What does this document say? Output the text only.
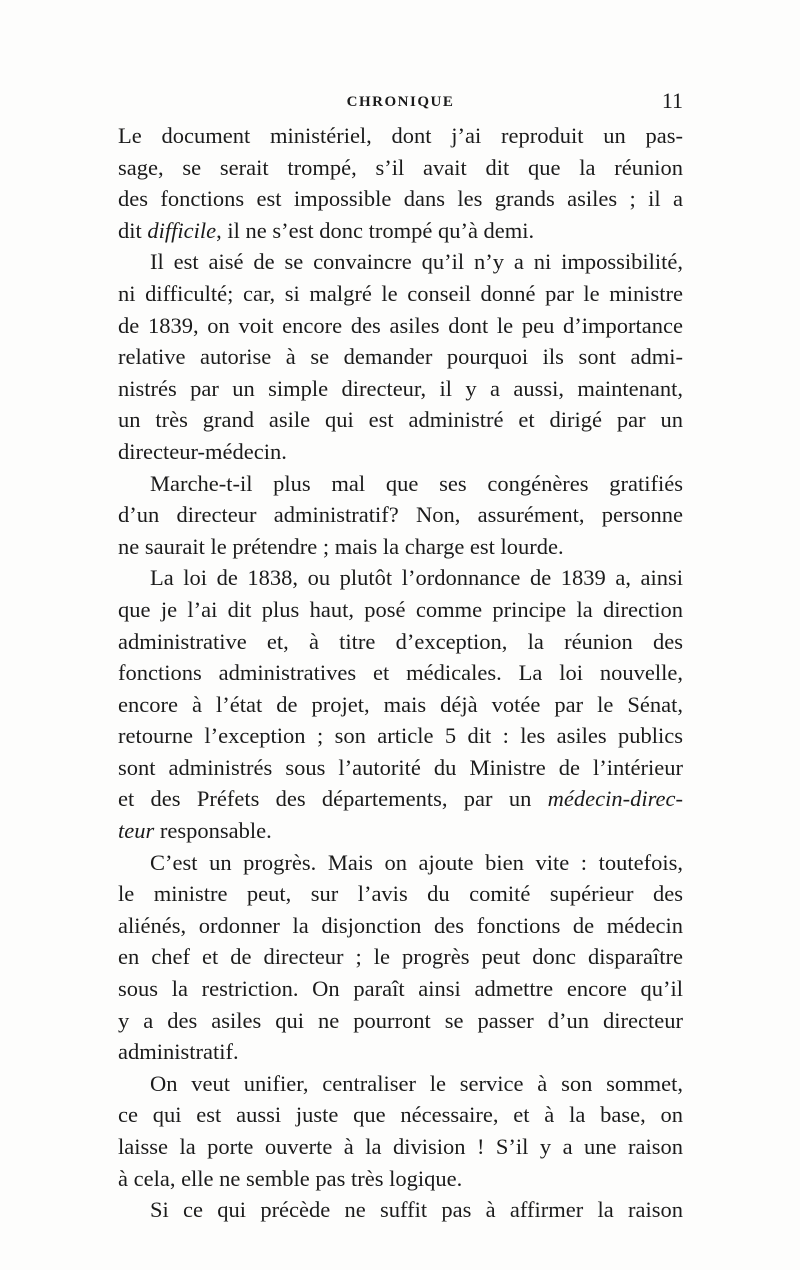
CHRONIQUE	11
Le document ministériel, dont j’ai reproduit un pas-
sage, se serait trompé, s’il avait dit que la réunion
des fonctions est impossible dans les grands asiles ; il a
dit difficile, il ne s’est donc trompé qu’à demi.
Il est aisé de se convaincre qu’il n’y a ni impossibilité,
ni difficulté; car, si malgré le conseil donné par le ministre
de 1839, on voit encore des asiles dont le peu d’importance
relative autorise à se demander pourquoi ils sont admi-
nistrés par un simple directeur, il y a aussi, maintenant,
un très grand asile qui est administré et dirigé par un
directeur-médecin.
Marche-t-il plus mal que ses congénères gratifiés
d’un directeur administratif? Non, assurément, personne
ne saurait le prétendre ; mais la charge est lourde.
La loi de 1838, ou plutôt l’ordonnance de 1839 a, ainsi
que je l’ai dit plus haut, posé comme principe la direction
administrative et, à titre d’exception, la réunion des
fonctions administratives et médicales. La loi nouvelle,
encore à l’état de projet, mais déjà votée par le Sénat,
retourne l’exception ; son article 5 dit : les asiles publics
sont administrés sous l’autorité du Ministre de l’intérieur
et des Préfets des départements, par un médecin-direc-
teur responsable.
C’est un progrès. Mais on ajoute bien vite : toutefois,
le ministre peut, sur l’avis du comité supérieur des
aliénés, ordonner la disjonction des fonctions de médecin
en chef et de directeur ; le progrès peut donc disparaître
sous la restriction. On paraît ainsi admettre encore qu’il
y a des asiles qui ne pourront se passer d’un directeur
administratif.
On veut unifier, centraliser le service à son sommet,
ce qui est aussi juste que nécessaire, et à la base, on
laisse la porte ouverte à la division ! S’il y a une raison
à cela, elle ne semble pas très logique.
Si ce qui précède ne suffit pas à affirmer la raison
